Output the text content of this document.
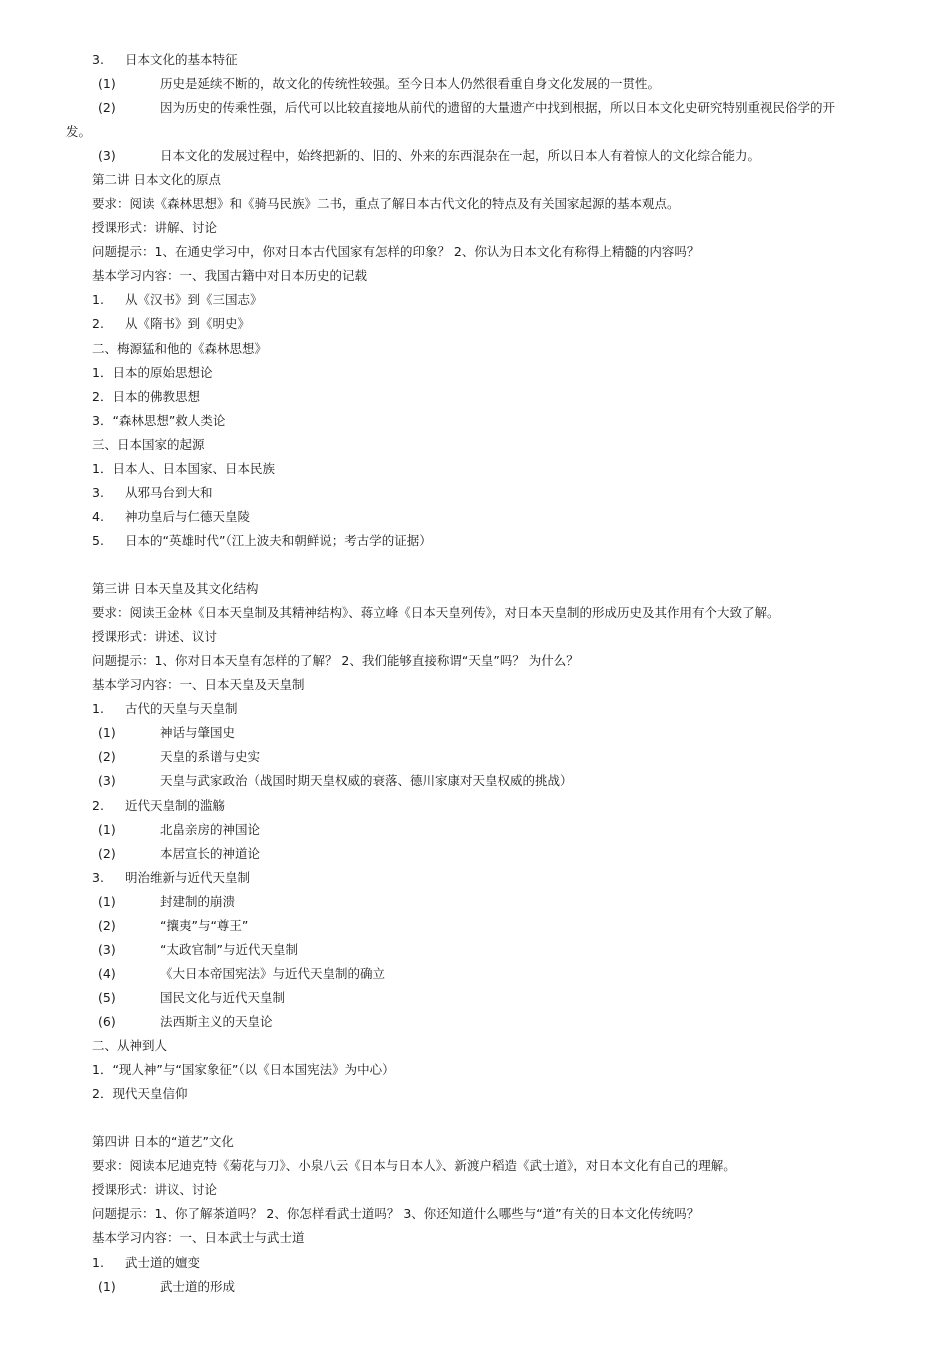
3. 日本文化的基本特征
(1)	历史是延续不断的，故文化的传统性较强。至今日本人仍然很看重自身文化发展的一贯性。
(2)	因为历史的传乘性强，后代可以比较直接地从前代的遗留的大量遗产中找到根据，所以日本文化史研究特别重视民俗学的开
发。
(3)	日本文化的发展过程中，始终把新的、旧的、外来的东西混杂在一起，所以日本人有着惊人的文化综合能力。
第二讲 日本文化的原点
要求：阅读《森林思想》和《骑马民族》二书，重点了解日本古代文化的特点及有关国家起源的基本观点。
授课形式：讲解、讨论
问题提示：1、在通史学习中，你对日本古代国家有怎样的印象？ 2、你认为日本文化有称得上精髓的内容吗？
基本学习内容：一、我国古籍中对日本历史的记载
1. 从《汉书》到《三国志》
2. 从《隋书》到《明史》
二、梅源猛和他的《森林思想》
1．日本的原始思想论
2．日本的佛教思想
3．“森林思想”救人类论
三、日本国家的起源
1．日本人、日本国家、日本民族
3. 从邪马台到大和
4. 神功皇后与仁德天皇陵
5. 日本的“英雄时代”（江上波夫和朝鲜说；考古学的证据）
第三讲 日本天皇及其文化结构
要求：阅读王金林《日本天皇制及其精神结构》、蒋立峰《日本天皇列传》，对日本天皇制的形成历史及其作用有个大致了解。
授课形式：讲述、议讨
问题提示：1、你对日本天皇有怎样的了解？ 2、我们能够直接称谓“天皇”吗？ 为什么？
基本学习内容：一、日本天皇及天皇制
1. 古代的天皇与天皇制
(1)	神话与肇国史
(2)	天皇的系谱与史实
(3)	天皇与武家政治（战国时期天皇权威的衰落、德川家康对天皇权威的挑战）
2. 近代天皇制的滥觞
(1)	北畠亲房的神国论
(2)	本居宣长的神道论
3. 明治维新与近代天皇制
(1)	封建制的崩溃
(2)	“攘夷”与“尊王”
(3)	“太政官制”与近代天皇制
(4)	《大日本帝国宪法》与近代天皇制的确立
(5)	国民文化与近代天皇制
(6)	法西斯主义的天皇论
二、从神到人
1．“现人神”与“国家象征”（以《日本国宪法》为中心）
2．现代天皇信仰
第四讲 日本的“道艺”文化
要求：阅读本尼迪克特《菊花与刀》、小泉八云《日本与日本人》、新渡户稻造《武士道》，对日本文化有自己的理解。
授课形式：讲议、讨论
问题提示：1、你了解茶道吗？ 2、你怎样看武士道吗？ 3、你还知道什么哪些与“道”有关的日本文化传统吗？
基本学习内容：一、日本武士与武士道
1. 武士道的嬗变
(1)	武士道的形成
